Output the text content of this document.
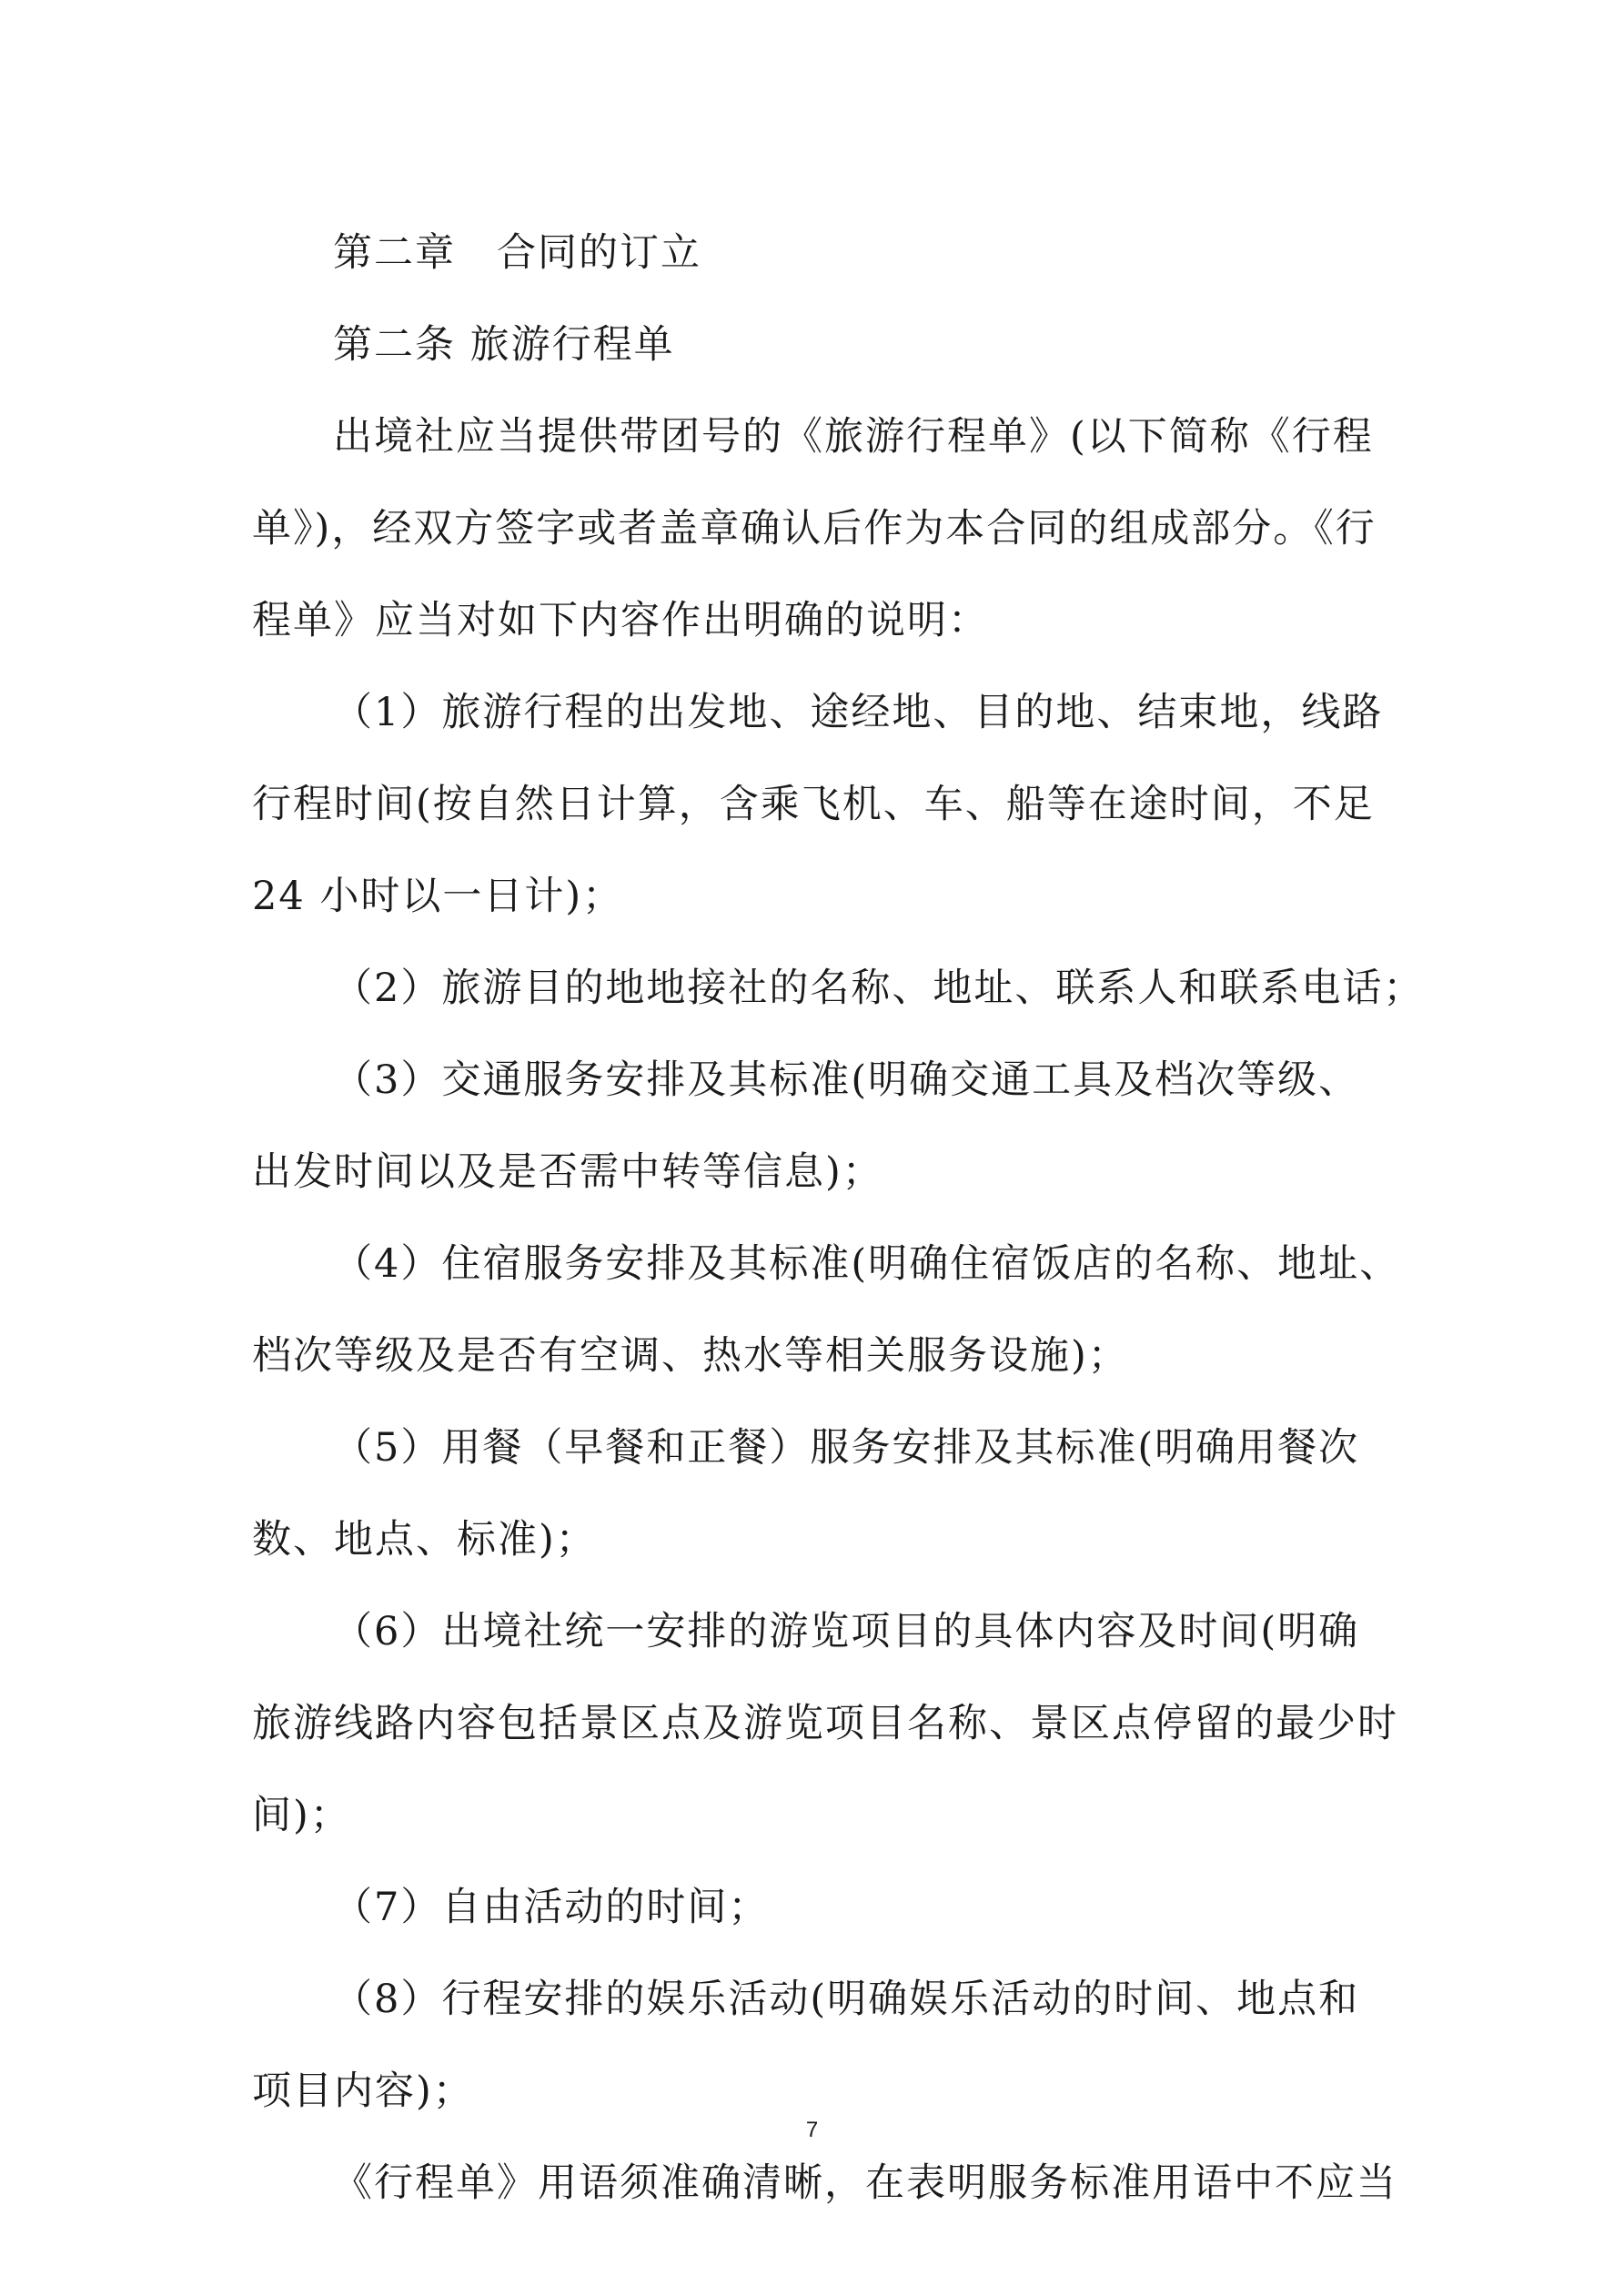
第二章　合同的订立
第二条 旅游行程单
出境社应当提供带团号的《旅游行程单》(以下简称《行程
单》)，经双方签字或者盖章确认后作为本合同的组成部分。《行
程单》应当对如下内容作出明确的说明：
（1）旅游行程的出发地、途经地、目的地、结束地，线路
行程时间(按自然日计算，含乘飞机、车、船等在途时间，不足
24 小时以一日计)；
（2）旅游目的地地接社的名称、地址、联系人和联系电话；
（3）交通服务安排及其标准(明确交通工具及档次等级、
出发时间以及是否需中转等信息)；
（4）住宿服务安排及其标准(明确住宿饭店的名称、地址、
档次等级及是否有空调、热水等相关服务设施)；
（5）用餐（早餐和正餐）服务安排及其标准(明确用餐次
数、地点、标准)；
（6）出境社统一安排的游览项目的具体内容及时间(明确
旅游线路内容包括景区点及游览项目名称、景区点停留的最少时
间)；
（7）自由活动的时间；
（8）行程安排的娱乐活动(明确娱乐活动的时间、地点和
项目内容)；
《行程单》用语须准确清晰，在表明服务标准用语中不应当
7
